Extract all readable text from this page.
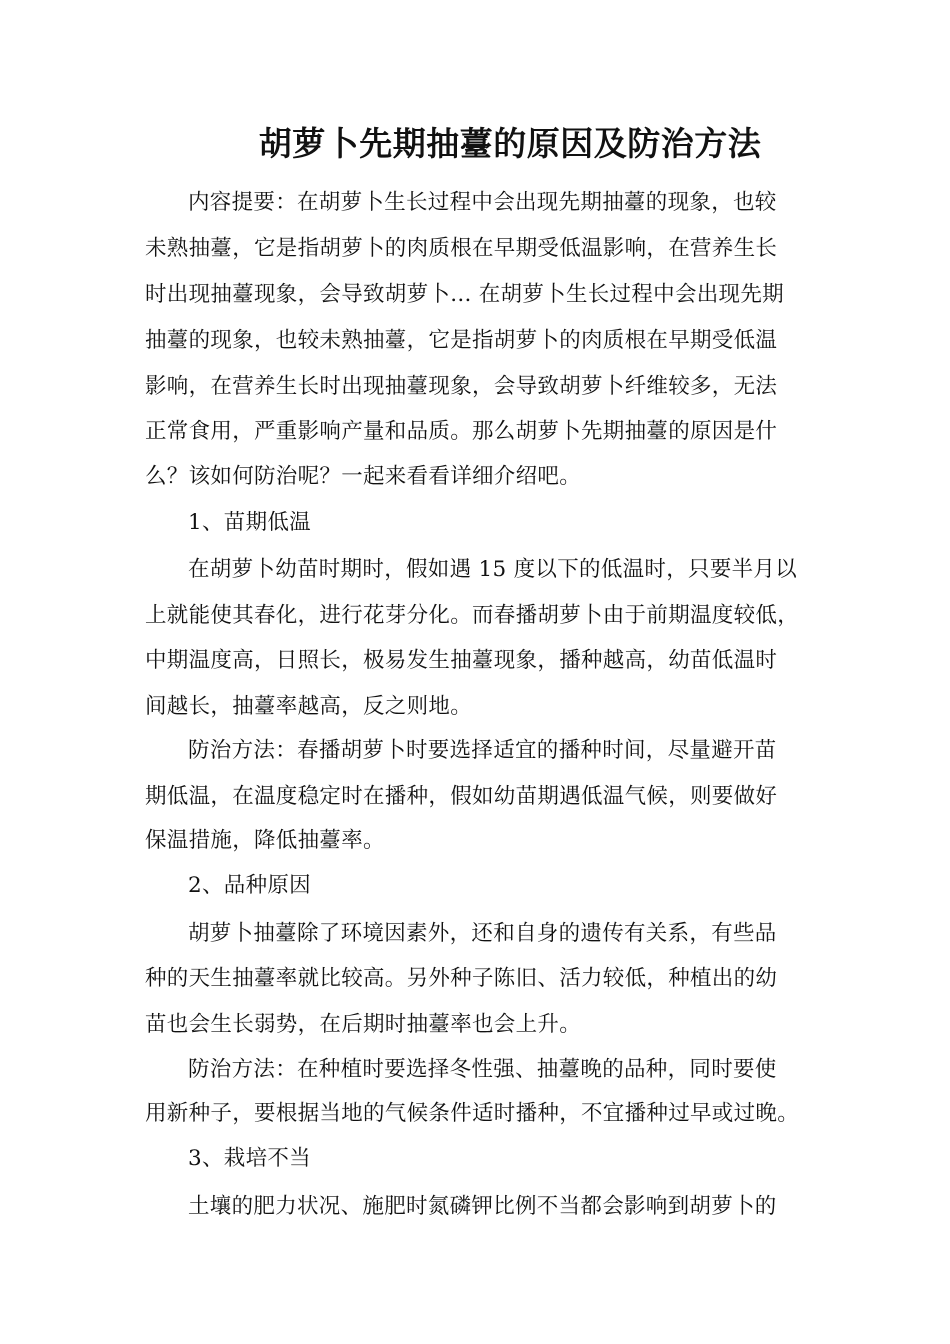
胡萝卜先期抽薹的原因及防治方法
内容提要：在胡萝卜生长过程中会出现先期抽薹的现象，也较
未熟抽薹，它是指胡萝卜的肉质根在早期受低温影响，在营养生长
时出现抽薹现象，会导致胡萝卜... 在胡萝卜生长过程中会出现先期
抽薹的现象，也较未熟抽薹，它是指胡萝卜的肉质根在早期受低温
影响，在营养生长时出现抽薹现象，会导致胡萝卜纤维较多，无法
正常食用，严重影响产量和品质。那么胡萝卜先期抽薹的原因是什
么？该如何防治呢？一起来看看详细介绍吧。
1、苗期低温
在胡萝卜幼苗时期时，假如遇 15 度以下的低温时，只要半月以
上就能使其春化，进行花芽分化。而春播胡萝卜由于前期温度较低，
中期温度高，日照长，极易发生抽薹现象，播种越高，幼苗低温时
间越长，抽薹率越高，反之则地。
防治方法：春播胡萝卜时要选择适宜的播种时间，尽量避开苗
期低温，在温度稳定时在播种，假如幼苗期遇低温气候，则要做好
保温措施，降低抽薹率。
2、品种原因
胡萝卜抽薹除了环境因素外，还和自身的遗传有关系，有些品
种的天生抽薹率就比较高。另外种子陈旧、活力较低，种植出的幼
苗也会生长弱势，在后期时抽薹率也会上升。
防治方法：在种植时要选择冬性强、抽薹晚的品种，同时要使
用新种子，要根据当地的气候条件适时播种，不宜播种过早或过晚。
3、栽培不当
土壤的肥力状况、施肥时氮磷钾比例不当都会影响到胡萝卜的
